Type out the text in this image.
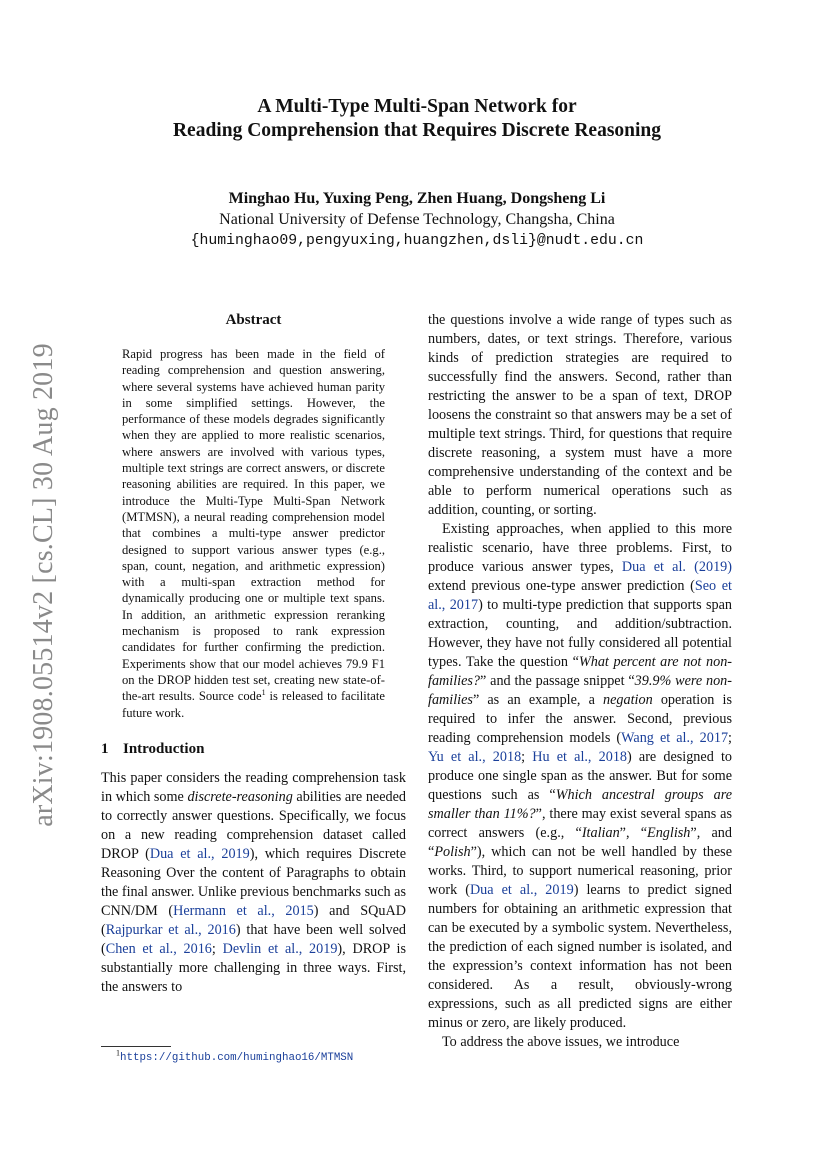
arXiv:1908.05514v2 [cs.CL] 30 Aug 2019
A Multi-Type Multi-Span Network for
Reading Comprehension that Requires Discrete Reasoning
Minghao Hu, Yuxing Peng, Zhen Huang, Dongsheng Li
National University of Defense Technology, Changsha, China
{huminghao09,pengyuxing,huangzhen,dsli}@nudt.edu.cn
Abstract

Rapid progress has been made in the field of reading comprehension and question answering, where several systems have achieved human parity in some simplified settings. However, the performance of these models degrades significantly when they are applied to more realistic scenarios, where answers are involved with various types, multiple text strings are correct answers, or discrete reasoning abilities are required. In this paper, we introduce the Multi-Type Multi-Span Network (MTMSN), a neural reading comprehension model that combines a multi-type answer predictor designed to support various answer types (e.g., span, count, negation, and arithmetic expression) with a multi-span extraction method for dynamically producing one or multiple text spans. In addition, an arithmetic expression reranking mechanism is proposed to rank expression candidates for further confirming the prediction. Experiments show that our model achieves 79.9 F1 on the DROP hidden test set, creating new state-of-the-art results. Source code$^1$ is released to facilitate future work.

1 Introduction

This paper considers the reading comprehension task in which some discrete-reasoning abilities are needed to correctly answer questions. Specifically, we focus on a new reading comprehension dataset called DROP (Dua et al., 2019), which requires Discrete Reasoning Over the content of Paragraphs to obtain the final answer. Unlike previous benchmarks such as CNN/DM (Hermann et al., 2015) and SQuAD (Rajpurkar et al., 2016) that have been well solved (Chen et al., 2016; Devlin et al., 2019), DROP is substantially more challenging in three ways. First, the answers to

the questions involve a wide range of types such as numbers, dates, or text strings. Therefore, various kinds of prediction strategies are required to successfully find the answers. Second, rather than restricting the answer to be a span of text, DROP loosens the constraint so that answers may be a set of multiple text strings. Third, for questions that require discrete reasoning, a system must have a more comprehensive understanding of the context and be able to perform numerical operations such as addition, counting, or sorting.

Existing approaches, when applied to this more realistic scenario, have three problems. First, to produce various answer types, Dua et al. (2019) extend previous one-type answer prediction (Seo et al., 2017) to multi-type prediction that supports span extraction, counting, and addition/subtraction. However, they have not fully considered all potential types. Take the question “What percent are not non-families?” and the passage snippet “39.9% were non-families” as an example, a negation operation is required to infer the answer. Second, previous reading comprehension models (Wang et al., 2017; Yu et al., 2018; Hu et al., 2018) are designed to produce one single span as the answer. But for some questions such as “Which ancestral groups are smaller than 11%?”, there may exist several spans as correct answers (e.g., “Italian”, “English”, and “Polish”), which can not be well handled by these works. Third, to support numerical reasoning, prior work (Dua et al., 2019) learns to predict signed numbers for obtaining an arithmetic expression that can be executed by a symbolic system. Nevertheless, the prediction of each signed number is isolated, and the expression’s context information has not been considered. As a result, obviously-wrong expressions, such as all predicted signs are either minus or zero, are likely produced.

To address the above issues, we introduce

$^1$https://github.com/huminghao16/MTMSN
